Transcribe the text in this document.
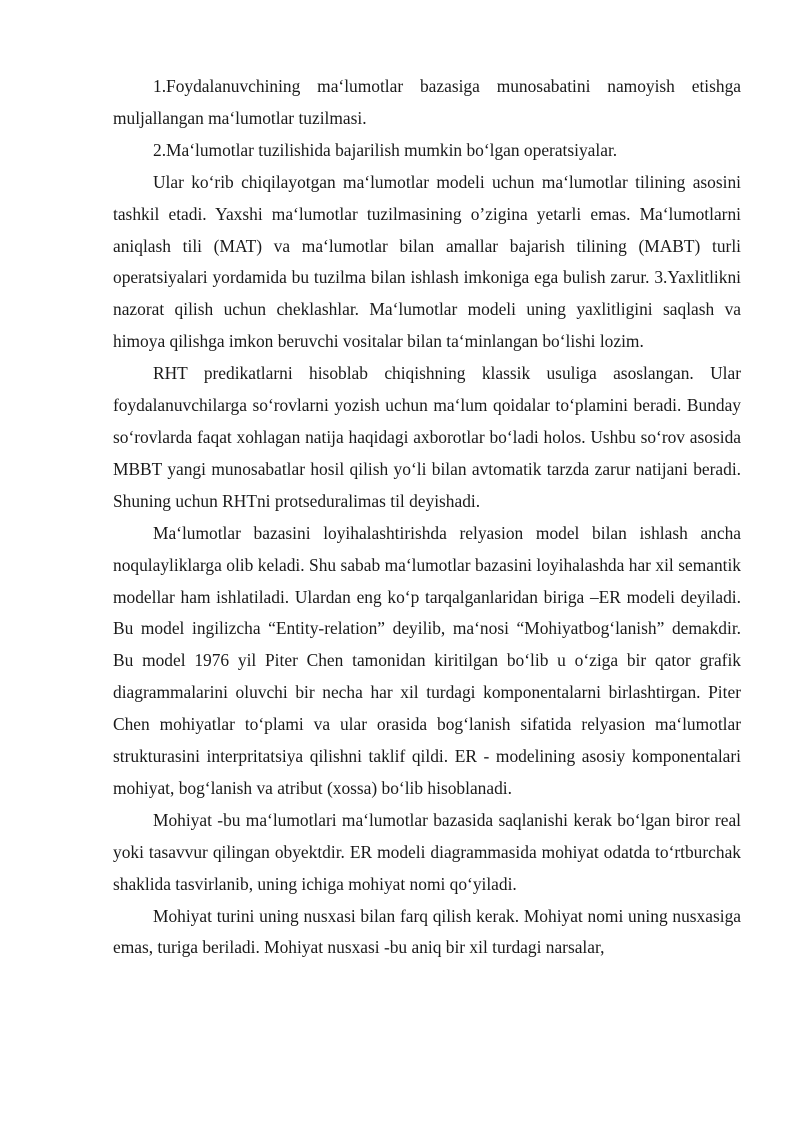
1.Foydalanuvchining ma‘lumotlar bazasiga munosabatini namoyish etishga muljallangan ma‘lumotlar tuzilmasi.

2.Ma‘lumotlar tuzilishida bajarilish mumkin bo‘lgan operatsiyalar.

Ular ko‘rib chiqilayotgan ma‘lumotlar modeli uchun ma‘lumotlar tilining asosini tashkil etadi. Yaxshi ma‘lumotlar tuzilmasining o’zigina yetarli emas. Ma‘lumotlarni aniqlash tili (MAT) va ma‘lumotlar bilan amallar bajarish tilining (MABT) turli operatsiyalari yordamida bu tuzilma bilan ishlash imkoniga ega bulish zarur. 3.Yaxlitlikni nazorat qilish uchun cheklashlar. Ma‘lumotlar modeli uning yaxlitligini saqlash va himoya qilishga imkon beruvchi vositalar bilan ta‘minlangan bo‘lishi lozim.

RHT predikatlarni hisoblab chiqishning klassik usuliga asoslangan. Ular foydalanuvchilarga so‘rovlarni yozish uchun ma‘lum qoidalar to‘plamini beradi. Bunday so‘rovlarda faqat xohlagan natija haqidagi axborotlar bo‘ladi holos. Ushbu so‘rov asosida MBBT yangi munosabatlar hosil qilish yo‘li bilan avtomatik tarzda zarur natijani beradi. Shuning uchun RHTni protseduralimas til deyishadi.

Ma‘lumotlar bazasini loyihalashtirishda relyasion model bilan ishlash ancha noqulayliklarga olib keladi. Shu sabab ma‘lumotlar bazasini loyihalashda har xil semantik modellar ham ishlatiladi. Ulardan eng ko‘p tarqalganlaridan biriga –ER modeli deyiladi. Bu model ingilizcha “Entity-relation” deyilib, ma‘nosi “Mohiyatbog‘lanish” demakdir. Bu model 1976 yil Piter Chen tamonidan kiritilgan bo‘lib u o‘ziga bir qator grafik diagrammalarini oluvchi bir necha har xil turdagi komponentalarni birlashtirgan. Piter Chen mohiyatlar to‘plami va ular orasida bog‘lanish sifatida relyasion ma‘lumotlar strukturasini interpritatsiya qilishni taklif qildi. ER - modelining asosiy komponentalari mohiyat, bog‘lanish va atribut (xossa) bo‘lib hisoblanadi.

Mohiyat -bu ma‘lumotlari ma‘lumotlar bazasida saqlanishi kerak bo‘lgan biror real yoki tasavvur qilingan obyektdir. ER modeli diagrammasida mohiyat odatda to‘rtburchak shaklida tasvirlanib, uning ichiga mohiyat nomi qo‘yiladi.

Mohiyat turini uning nusxasi bilan farq qilish kerak. Mohiyat nomi uning nusxasiga emas, turiga beriladi. Mohiyat nusxasi -bu aniq bir xil turdagi narsalar,
